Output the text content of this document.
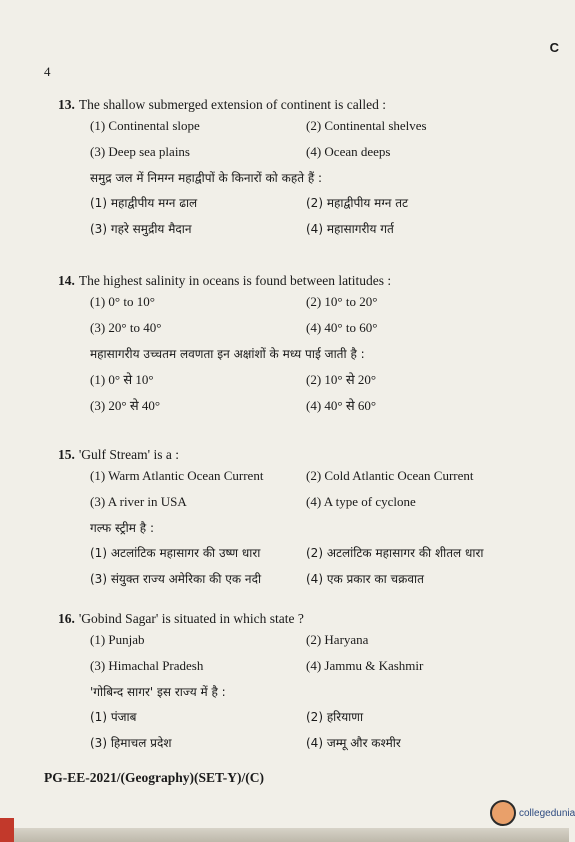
C
4
13. The shallow submerged extension of continent is called :
(1) Continental slope	(2) Continental shelves
(3) Deep sea plains	(4) Ocean deeps
समुद्र जल में निमग्न महाद्वीपों के किनारों को कहते हैं :
(1) महाद्वीपीय मग्न ढाल	(2) महाद्वीपीय मग्न तट
(3) गहरे समुद्रीय मैदान	(4) महासागरीय गर्त
14. The highest salinity in oceans is found between latitudes :
(1) 0° to 10°	(2) 10° to 20°
(3) 20° to 40°	(4) 40° to 60°
महासागरीय उच्चतम लवणता इन अक्षांशों के मध्य पाई जाती है :
(1) 0° से 10°	(2) 10° से 20°
(3) 20° से 40°	(4) 40° से 60°
15. 'Gulf Stream' is a :
(1) Warm Atlantic Ocean Current	(2) Cold Atlantic Ocean Current
(3) A river in USA	(4) A type of cyclone
गल्फ स्ट्रीम है :
(1) अटलांटिक महासागर की उष्ण धारा	(2) अटलांटिक महासागर की शीतल धारा
(3) संयुक्त राज्य अमेरिका की एक नदी	(4) एक प्रकार का चक्रवात
16. 'Gobind Sagar' is situated in which state ?
(1) Punjab	(2) Haryana
(3) Himachal Pradesh	(4) Jammu & Kashmir
'गोबिन्द सागर' इस राज्य में है :
(1) पंजाब	(2) हरियाणा
(3) हिमाचल प्रदेश	(4) जम्मू और कश्मीर
PG-EE-2021/(Geography)(SET-Y)/(C)
collegedunia
